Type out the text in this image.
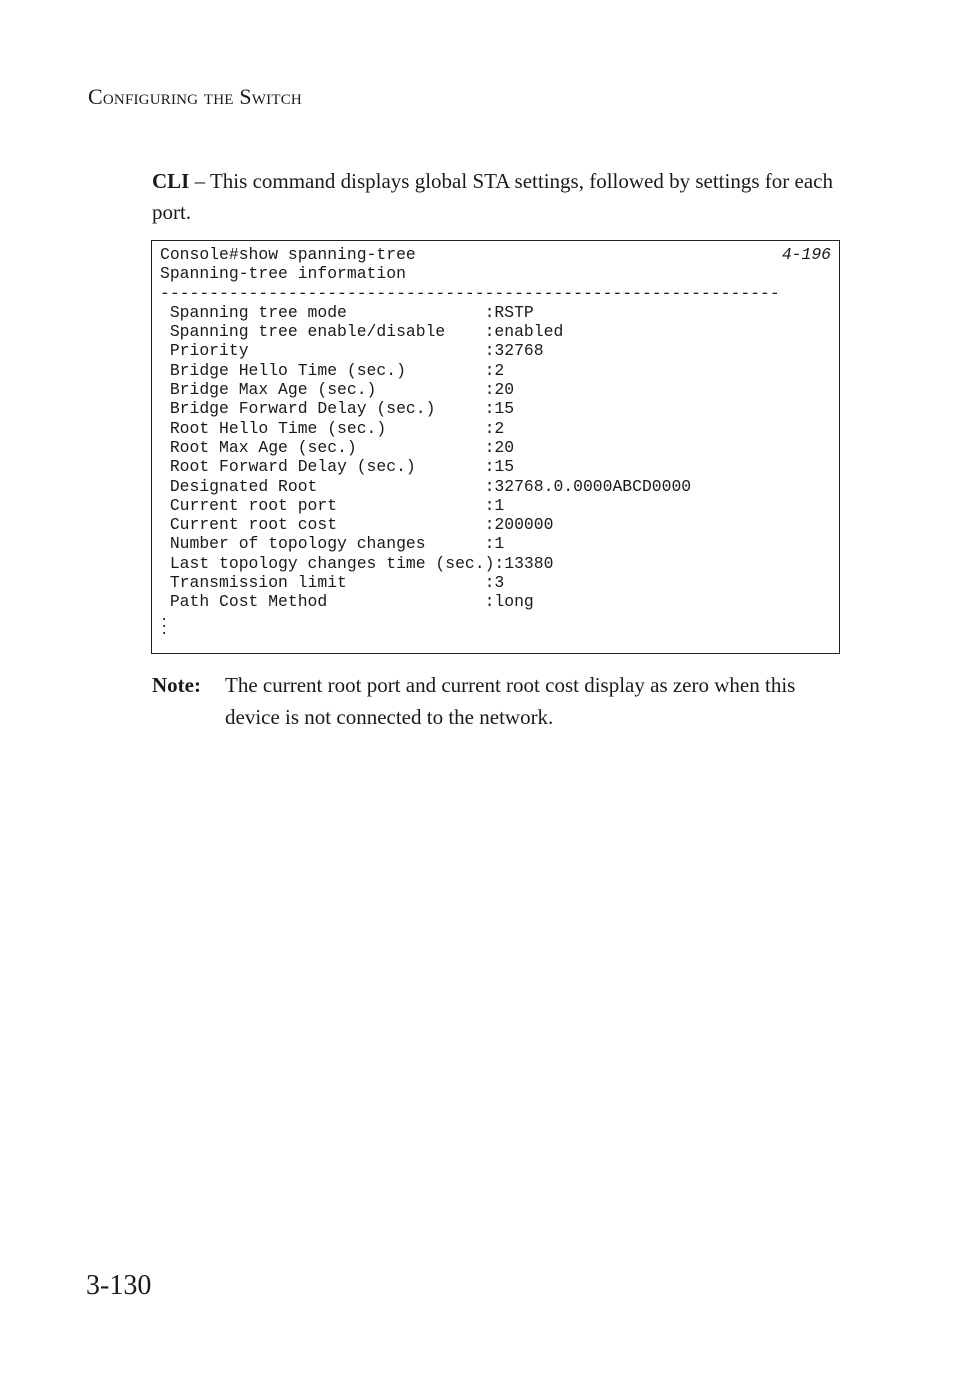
Configuring the Switch
CLI – This command displays global STA settings, followed by settings for each port.
Console#show spanning-tree	4-196
Spanning-tree information
---------------------------------------------------------------
Spanning tree mode              :RSTP
Spanning tree enable/disable    :enabled
Priority                        :32768
Bridge Hello Time (sec.)        :2
Bridge Max Age (sec.)           :20
Bridge Forward Delay (sec.)     :15
Root Hello Time (sec.)          :2
Root Max Age (sec.)             :20
Root Forward Delay (sec.)       :15
Designated Root                 :32768.0.0000ABCD0000
Current root port               :1
Current root cost               :200000
Number of topology changes      :1
Last topology changes time (sec.):13380
Transmission limit              :3
Path Cost Method                :long
.
.
.
Note: The current root port and current root cost display as zero when this device is not connected to the network.
3-130
